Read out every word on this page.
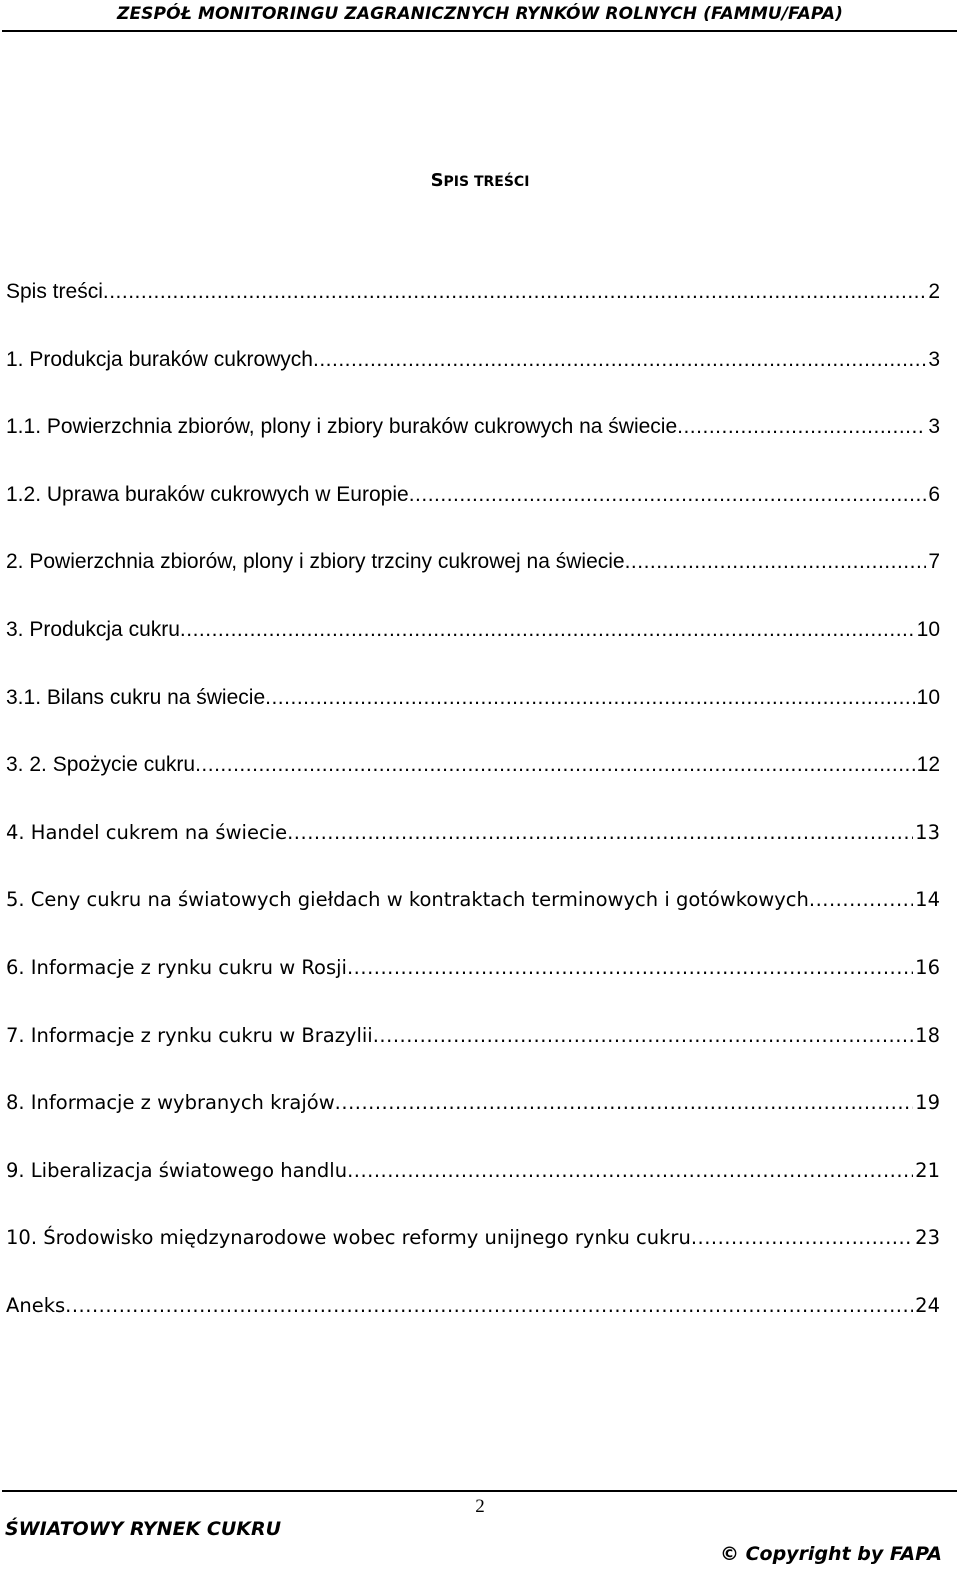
ZESPÓŁ MONITORINGU ZAGRANICZNYCH RYNKÓW ROLNYCH (FAMMU/FAPA)
SPIS TREŚCI
Spis treści .....	2
1. Produkcja buraków cukrowych .....	3
1.1. Powierzchnia zbiorów, plony i zbiory buraków cukrowych na świecie .....	3
1.2. Uprawa buraków cukrowych w Europie .....	6
2. Powierzchnia zbiorów, plony i zbiory trzciny cukrowej na świecie .....	7
3. Produkcja cukru .....	10
3.1. Bilans cukru na świecie .....	10
3. 2. Spożycie cukru .....	12
4. Handel cukrem na świecie .....	13
5. Ceny cukru na światowych giełdach w kontraktach terminowych i gotówkowych .....	14
6. Informacje z rynku cukru w Rosji .....	16
7. Informacje z rynku cukru w Brazylii .....	18
8. Informacje z wybranych krajów .....	19
9. Liberalizacja światowego handlu .....	21
10. Środowisko międzynarodowe wobec reformy unijnego rynku cukru .....	23
Aneks .....	24
2
ŚWIATOWY RYNEK CUKRU
© Copyright by FAPA
